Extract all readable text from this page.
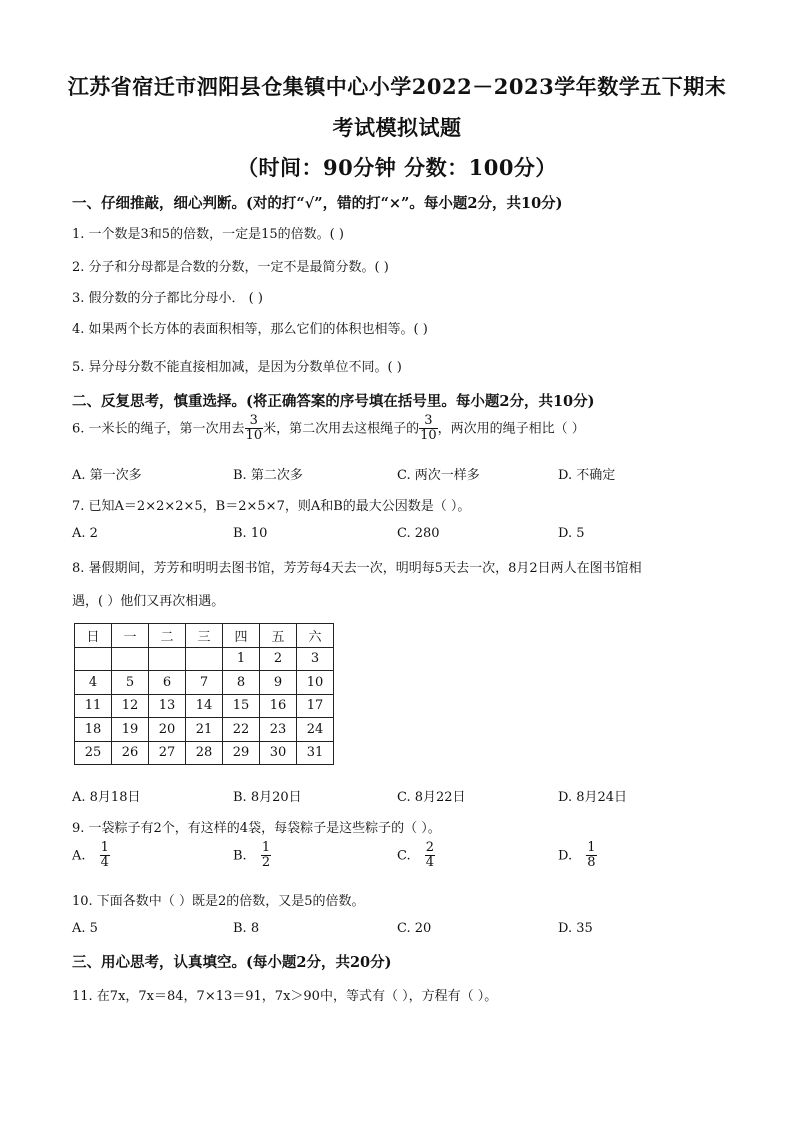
江苏省宿迁市泗阳县仓集镇中心小学2022－2023学年数学五下期末
考试模拟试题
（时间：90分钟 分数：100分）
一、仔细推敲，细心判断。(对的打“√”，错的打“×”。每小题2分，共10分)
1. 一个数是3和5的倍数，一定是15的倍数。( )
2. 分子和分母都是合数的分数，一定不是最简分数。( )
3. 假分数的分子都比分母小． ( )
4. 如果两个长方体的表面积相等，那么它们的体积也相等。( )
5. 异分母分数不能直接相加减，是因为分数单位不同。( )
二、反复思考，慎重选择。(将正确答案的序号填在括号里。每小题2分，共10分)
6. 一米长的绳子，第一次用去 $\frac{3}{10}$ 米，第二次用去这根绳子的 $\frac{3}{10}$ ，两次用的绳子相比（ ）
A. 第一次多	B. 第二次多	C. 两次一样多	D. 不确定
7. 已知A＝2×2×2×5，B＝2×5×7，则A和B的最大公因数是（ ）。
A. 2	B. 10	C. 280	D. 5
8. 暑假期间，芳芳和明明去图书馆，芳芳每4天去一次，明明每5天去一次，8月2日两人在图书馆相
遇，( ）他们又再次相遇。
日	一	二	三	四	五	六
				1	2	3
4	5	6	7	8	9	10
11	12	13	14	15	16	17
18	19	20	21	22	23	24
25	26	27	28	29	30	31
A. 8月18日	B. 8月20日	C. 8月22日	D. 8月24日
9. 一袋粽子有2个，有这样的4袋，每袋粽子是这些粽子的（ ）。
A. $\frac{1}{4}$	B. $\frac{1}{2}$	C. $\frac{2}{4}$	D. $\frac{1}{8}$
10. 下面各数中（ ）既是2的倍数，又是5的倍数。
A. 5	B. 8	C. 20	D. 35
三、用心思考，认真填空。(每小题2分，共20分)
11. 在7x，7x＝84，7×13＝91，7x＞90中，等式有（ ），方程有（ ）。
